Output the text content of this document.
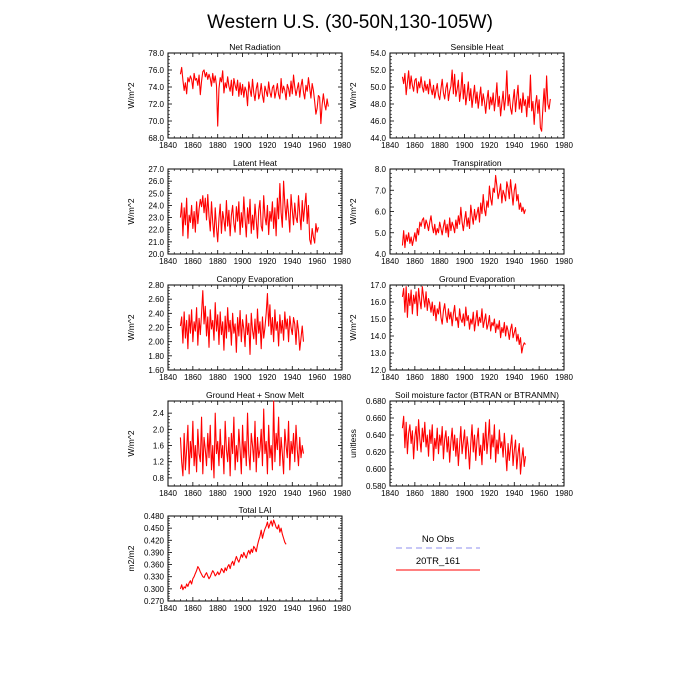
Western U.S. (30-50N,130-105W)
Net Radiation
W/m^2
1840 1860 1880 1900 1920 1940 1960 1980
68.0
70.0
72.0
74.0
76.0
78.0
Sensible Heat
W/m^2
1840 1860 1880 1900 1920 1940 1960 1980
44.0
46.0
48.0
50.0
52.0
54.0
Latent Heat
W/m^2
1840 1860 1880 1900 1920 1940 1960 1980
20.0
21.0
22.0
23.0
24.0
25.0
26.0
27.0
Transpiration
W/m^2
1840 1860 1880 1900 1920 1940 1960 1980
4.0
5.0
6.0
7.0
8.0
Canopy Evaporation
W/m^2
1840 1860 1880 1900 1920 1940 1960 1980
1.60
1.80
2.00
2.20
2.40
2.60
2.80
Ground Evaporation
W/m^2
1840 1860 1880 1900 1920 1940 1960 1980
12.0
13.0
14.0
15.0
16.0
17.0
Ground Heat + Snow Melt
W/m^2
1840 1860 1880 1900 1920 1940 1960 1980
0.8
1.2
1.6
2.0
2.4
Soil moisture factor (BTRAN or BTRANMN)
unitless
1840 1860 1880 1900 1920 1940 1960 1980
0.580
0.600
0.620
0.640
0.660
0.680
Total LAI
m2/m2
1840 1860 1880 1900 1920 1940 1960 1980
0.270
0.300
0.330
0.360
0.390
0.420
0.450
0.480
No Obs
20TR_161
